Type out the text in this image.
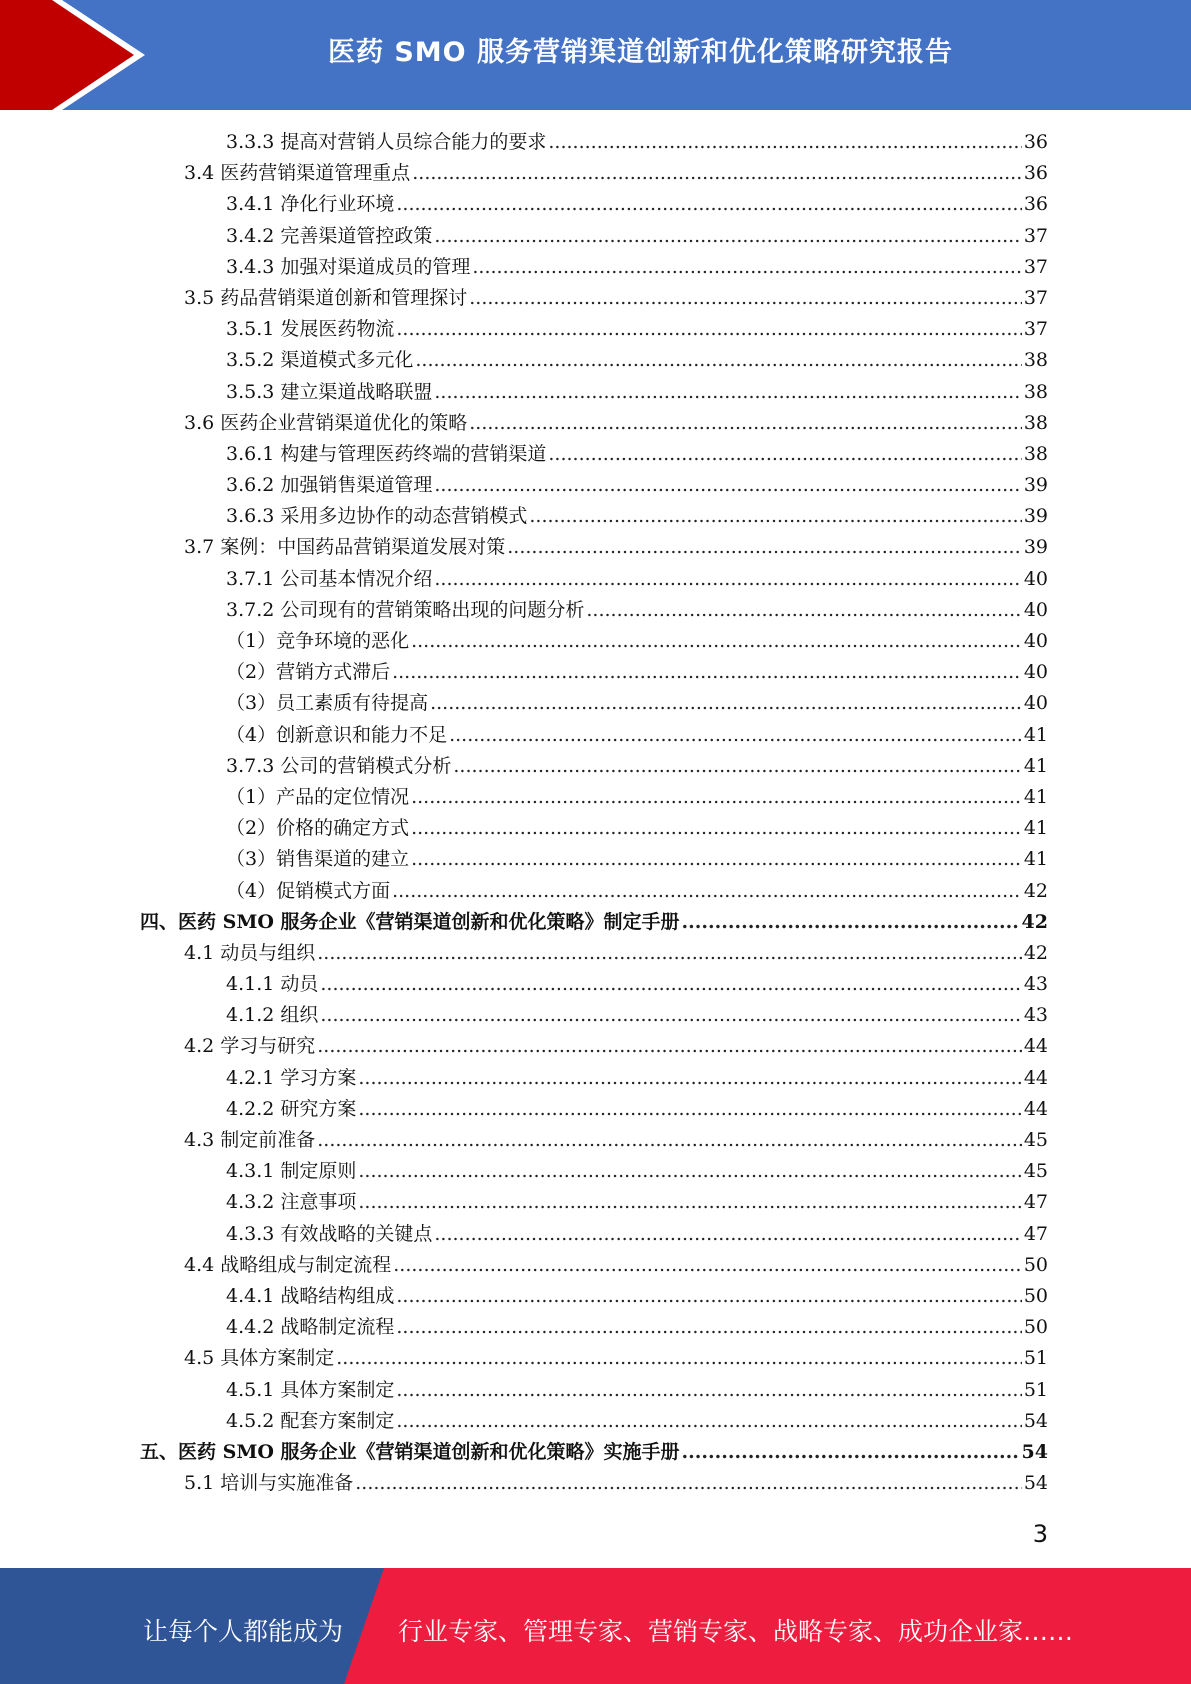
医药 SMO 服务营销渠道创新和优化策略研究报告
3.3.3 提高对营销人员综合能力的要求 .....	36
3.4 医药营销渠道管理重点 .....	36
3.4.1 净化行业环境 .....	36
3.4.2 完善渠道管控政策 .....	37
3.4.3 加强对渠道成员的管理 .....	37
3.5 药品营销渠道创新和管理探讨 .....	37
3.5.1 发展医药物流 .....	37
3.5.2 渠道模式多元化 .....	38
3.5.3 建立渠道战略联盟 .....	38
3.6 医药企业营销渠道优化的策略 .....	38
3.6.1 构建与管理医药终端的营销渠道 .....	38
3.6.2 加强销售渠道管理 .....	39
3.6.3 采用多边协作的动态营销模式 .....	39
3.7 案例：中国药品营销渠道发展对策 .....	39
3.7.1 公司基本情况介绍 .....	40
3.7.2 公司现有的营销策略出现的问题分析 .....	40
（1）竞争环境的恶化 .....	40
（2）营销方式滞后 .....	40
（3）员工素质有待提高 .....	40
（4）创新意识和能力不足 .....	41
3.7.3 公司的营销模式分析 .....	41
（1）产品的定位情况 .....	41
（2）价格的确定方式 .....	41
（3）销售渠道的建立 .....	41
（4）促销模式方面 .....	42
四、医药 SMO 服务企业《营销渠道创新和优化策略》制定手册 .....	42
4.1 动员与组织 .....	42
4.1.1 动员 .....	43
4.1.2 组织 .....	43
4.2 学习与研究 .....	44
4.2.1 学习方案 .....	44
4.2.2 研究方案 .....	44
4.3 制定前准备 .....	45
4.3.1 制定原则 .....	45
4.3.2 注意事项 .....	47
4.3.3 有效战略的关键点 .....	47
4.4 战略组成与制定流程 .....	50
4.4.1 战略结构组成 .....	50
4.4.2 战略制定流程 .....	50
4.5 具体方案制定 .....	51
4.5.1 具体方案制定 .....	51
4.5.2 配套方案制定 .....	54
五、医药 SMO 服务企业《营销渠道创新和优化策略》实施手册 .....	54
5.1 培训与实施准备 .....	54
3
让每个人都能成为 行业专家、管理专家、营销专家、战略专家、成功企业家……
